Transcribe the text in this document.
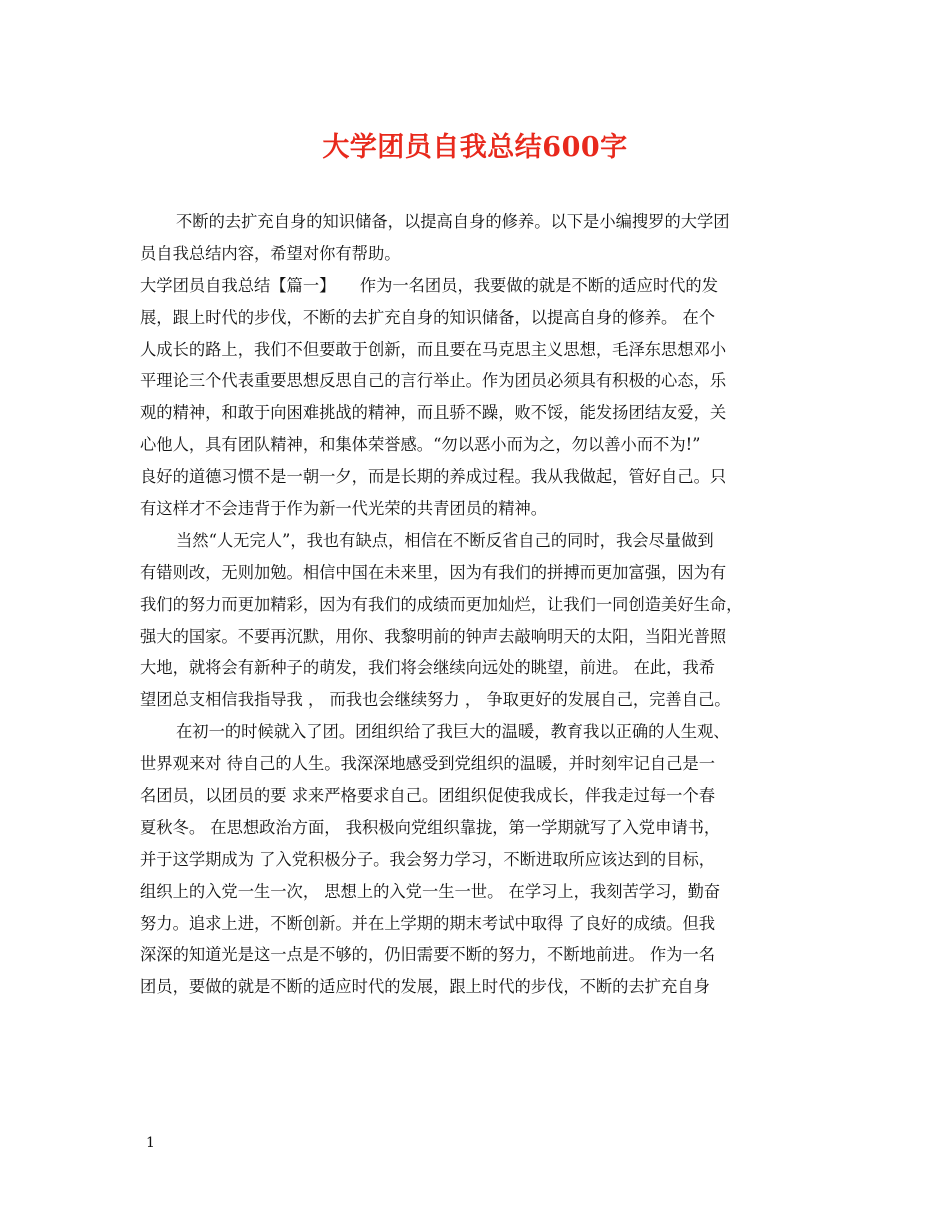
大学团员自我总结600字
不断的去扩充自身的知识储备，以提高自身的修养。以下是小编搜罗的大学团
员自我总结内容，希望对你有帮助。
大学团员自我总结【篇一】　　作为一名团员，我要做的就是不断的适应时代的发
展，跟上时代的步伐，不断的去扩充自身的知识储备，以提高自身的修养。 在个
人成长的路上，我们不但要敢于创新，而且要在马克思主义思想，毛泽东思想邓小
平理论三个代表重要思想反思自己的言行举止。作为团员必须具有积极的心态，乐
观的精神，和敢于向困难挑战的精神，而且骄不躁，败不馁，能发扬团结友爱，关
心他人，具有团队精神，和集体荣誉感。“勿以恶小而为之，勿以善小而不为!”
良好的道德习惯不是一朝一夕，而是长期的养成过程。我从我做起，管好自己。只
有这样才不会违背于作为新一代光荣的共青团员的精神。
当然“人无完人”，我也有缺点，相信在不断反省自己的同时，我会尽量做到
有错则改，无则加勉。相信中国在未来里，因为有我们的拼搏而更加富强，因为有
我们的努力而更加精彩，因为有我们的成绩而更加灿烂，让我们一同创造美好生命，
强大的国家。不要再沉默，用你、我黎明前的钟声去敲响明天的太阳，当阳光普照
大地，就将会有新种子的萌发，我们将会继续向远处的眺望，前进。 在此，我希
望团总支相信我指导我 ， 而我也会继续努力 ， 争取更好的发展自己，完善自己。
在初一的时候就入了团。团组织给了我巨大的温暖，教育我以正确的人生观、
世界观来对 待自己的人生。我深深地感受到党组织的温暖，并时刻牢记自己是一
名团员，以团员的要 求来严格要求自己。团组织促使我成长，伴我走过每一个春
夏秋冬。 在思想政治方面， 我积极向党组织靠拢，第一学期就写了入党申请书，
并于这学期成为 了入党积极分子。我会努力学习，不断进取所应该达到的目标，
组织上的入党一生一次， 思想上的入党一生一世。 在学习上，我刻苦学习，勤奋
努力。追求上进，不断创新。并在上学期的期末考试中取得 了良好的成绩。但我
深深的知道光是这一点是不够的，仍旧需要不断的努力，不断地前进。 作为一名
团员，要做的就是不断的适应时代的发展，跟上时代的步伐，不断的去扩充自身
1
